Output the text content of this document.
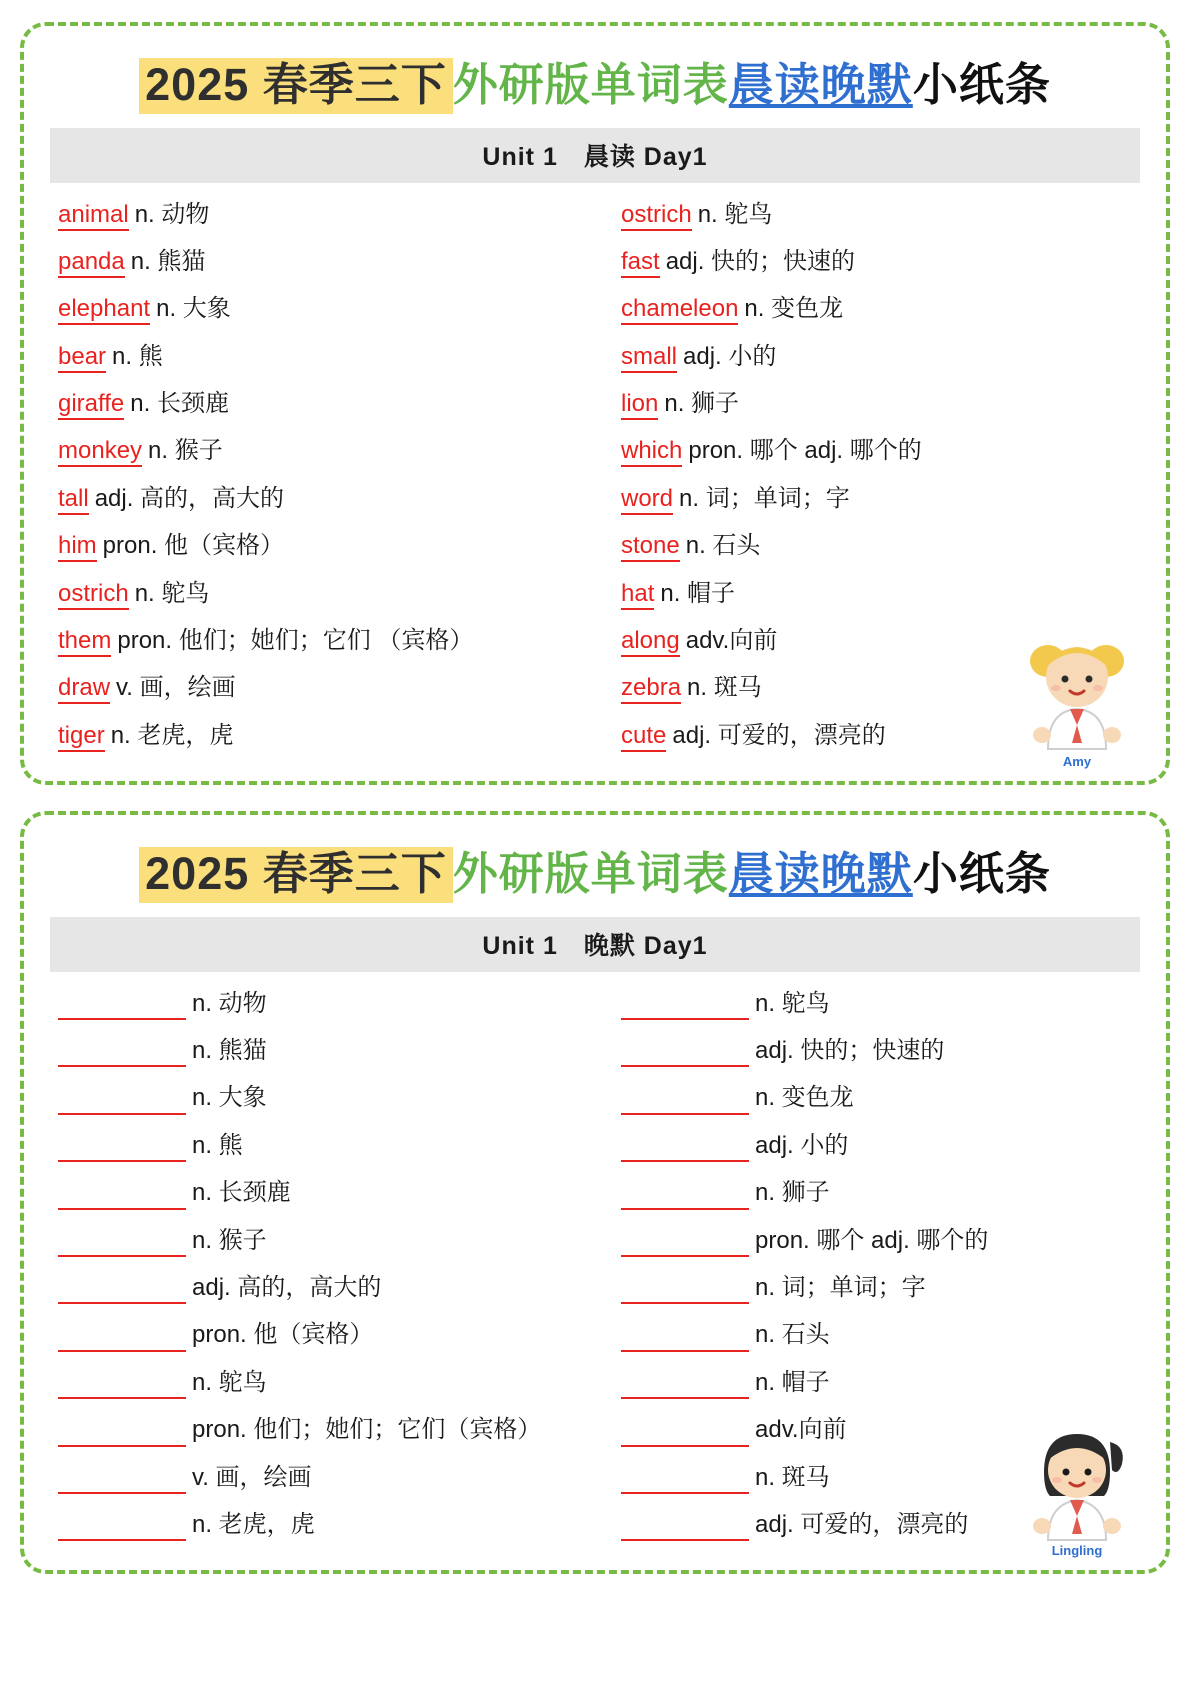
2025 春季三下 外研版单词表 晨读晚默 小纸条
Unit 1 晨读 Day1
animal n. 动物
panda n. 熊猫
elephant n. 大象
bear n. 熊
giraffe n. 长颈鹿
monkey n. 猴子
tall adj. 高的，高大的
him pron. 他（宾格）
ostrich n. 鸵鸟
them pron. 他们；她们；它们 （宾格）
draw v. 画，绘画
tiger n. 老虎，虎
ostrich n. 鸵鸟
fast adj. 快的；快速的
chameleon n. 变色龙
small adj. 小的
lion n. 狮子
which pron. 哪个 adj. 哪个的
word n. 词；单词；字
stone n. 石头
hat n. 帽子
along adv.向前
zebra n. 斑马
cute adj. 可爱的，漂亮的
Amy
2025 春季三下 外研版单词表 晨读晚默 小纸条
Unit 1 晚默 Day1
n. 动物
n. 熊猫
n. 大象
n. 熊
n. 长颈鹿
n. 猴子
adj. 高的，高大的
pron. 他（宾格）
n. 鸵鸟
pron. 他们；她们；它们（宾格）
v. 画，绘画
n. 老虎，虎
n. 鸵鸟
adj. 快的；快速的
n. 变色龙
adj. 小的
n. 狮子
pron. 哪个 adj. 哪个的
n. 词；单词；字
n. 石头
n. 帽子
adv.向前
n. 斑马
adj. 可爱的，漂亮的
Lingling
